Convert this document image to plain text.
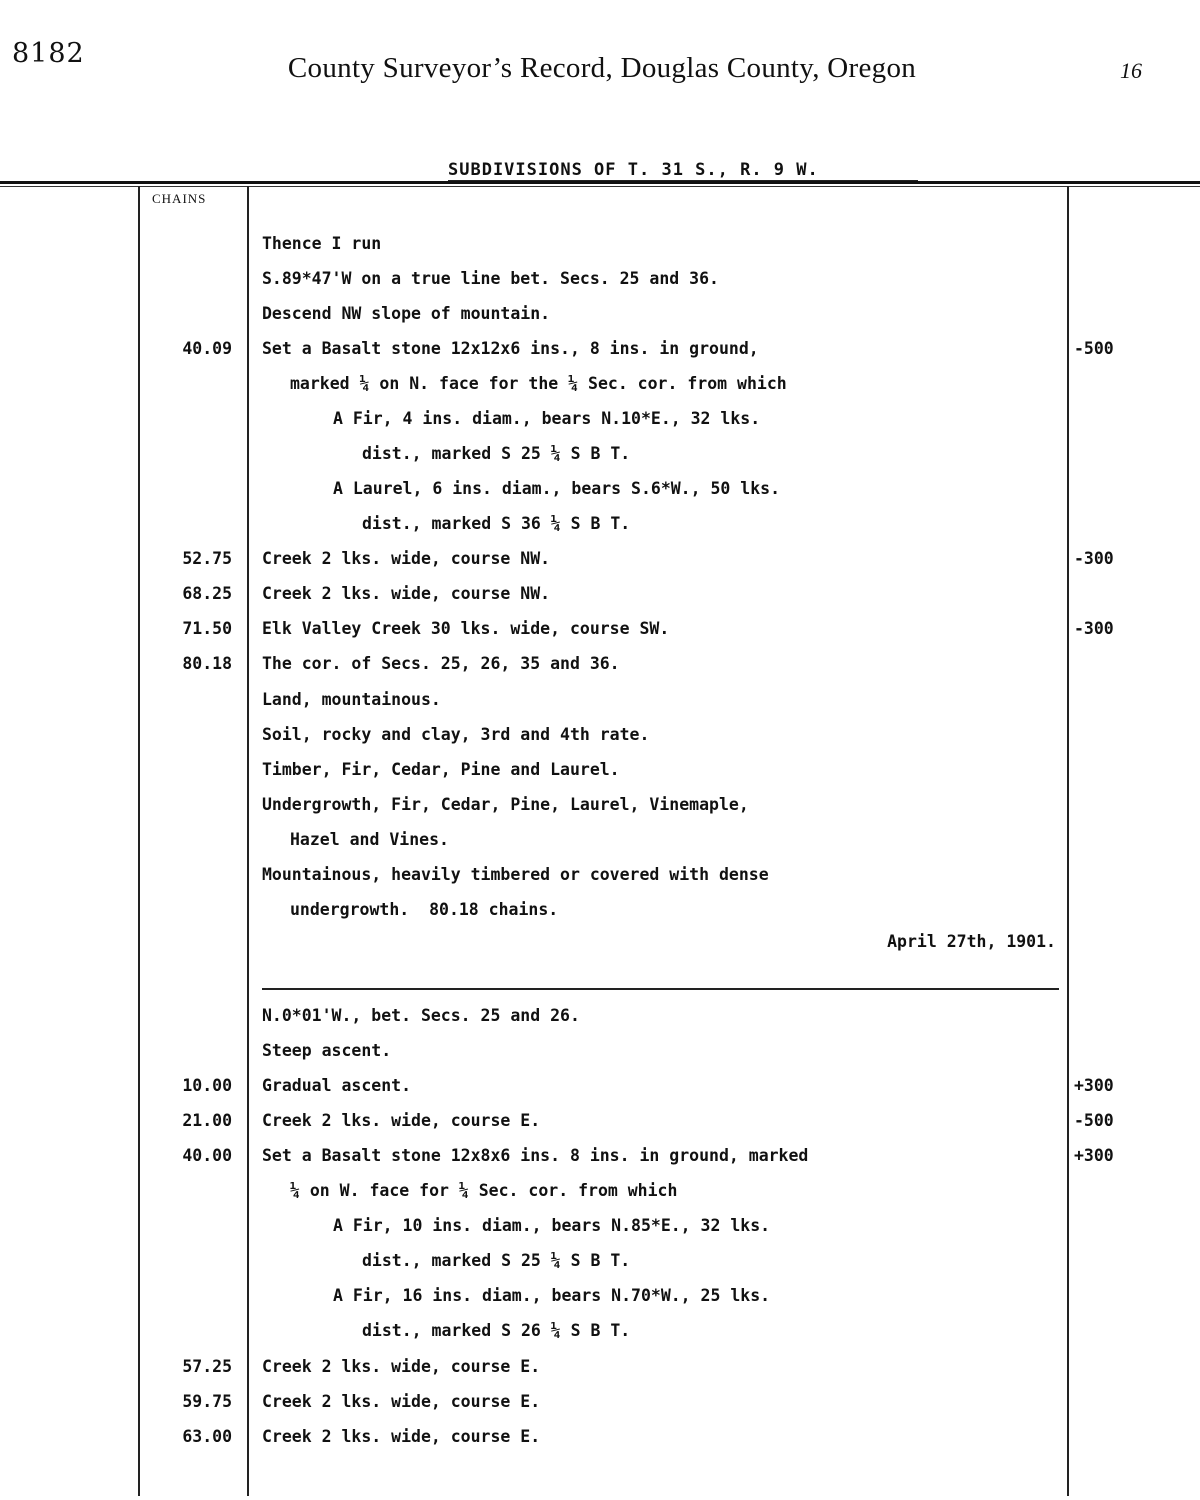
8182	County Surveyor’s Record, Douglas County, Oregon	16
SUBDIVISIONS OF T. 31 S., R. 9 W.
CHAINS
Thence I run
S.89*47'W on a true line bet. Secs. 25 and 36.
Descend NW slope of mountain.
40.09 Set a Basalt stone 12x12x6 ins., 8 ins. in ground,	-500
marked ¼ on N. face for the ¼ Sec. cor. from which
A Fir, 4 ins. diam., bears N.10*E., 32 lks.
dist., marked S 25 ¼ S B T.
A Laurel, 6 ins. diam., bears S.6*W., 50 lks.
dist., marked S 36 ¼ S B T.
52.75 Creek 2 lks. wide, course NW.	-300
68.25 Creek 2 lks. wide, course NW.
71.50 Elk Valley Creek 30 lks. wide, course SW.	-300
80.18 The cor. of Secs. 25, 26, 35 and 36.
Land, mountainous.
Soil, rocky and clay, 3rd and 4th rate.
Timber, Fir, Cedar, Pine and Laurel.
Undergrowth, Fir, Cedar, Pine, Laurel, Vinemaple,
Hazel and Vines.
Mountainous, heavily timbered or covered with dense
undergrowth.  80.18 chains.
N.0*01'W., bet. Secs. 25 and 26.
Steep ascent.
10.00 Gradual ascent.	+300
21.00 Creek 2 lks. wide, course E.	-500
40.00 Set a Basalt stone 12x8x6 ins. 8 ins. in ground, marked	+300
¼ on W. face for ¼ Sec. cor. from which
A Fir, 10 ins. diam., bears N.85*E., 32 lks.
dist., marked S 25 ¼ S B T.
A Fir, 16 ins. diam., bears N.70*W., 25 lks.
dist., marked S 26 ¼ S B T.
57.25 Creek 2 lks. wide, course E.
59.75 Creek 2 lks. wide, course E.
63.00 Creek 2 lks. wide, course E.
April 27th, 1901.
